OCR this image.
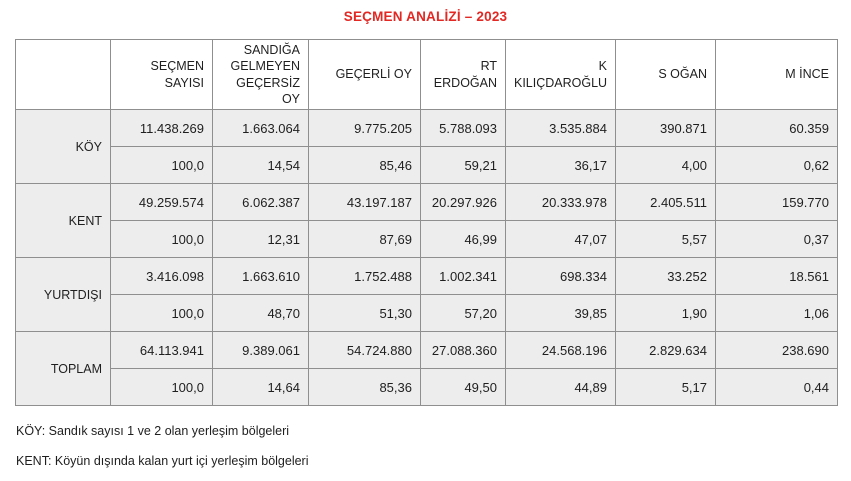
SEÇMEN ANALİZİ – 2023
	SEÇMEN SAYISI	SANDIĞA GELMEYEN GEÇERSİZ OY	GEÇERLİ OY	RT ERDOĞAN	K KILIÇDAROĞLU	S OĞAN	M İNCE
KÖY	11.438.269	1.663.064	9.775.205	5.788.093	3.535.884	390.871	60.359
	100,0	14,54	85,46	59,21	36,17	4,00	0,62
KENT	49.259.574	6.062.387	43.197.187	20.297.926	20.333.978	2.405.511	159.770
	100,0	12,31	87,69	46,99	47,07	5,57	0,37
YURTDIŞI	3.416.098	1.663.610	1.752.488	1.002.341	698.334	33.252	18.561
	100,0	48,70	51,30	57,20	39,85	1,90	1,06
TOPLAM	64.113.941	9.389.061	54.724.880	27.088.360	24.568.196	2.829.634	238.690
	100,0	14,64	85,36	49,50	44,89	5,17	0,44
KÖY: Sandık sayısı 1 ve 2 olan yerleşim bölgeleri
KENT: Köyün dışında kalan yurt içi yerleşim bölgeleri
